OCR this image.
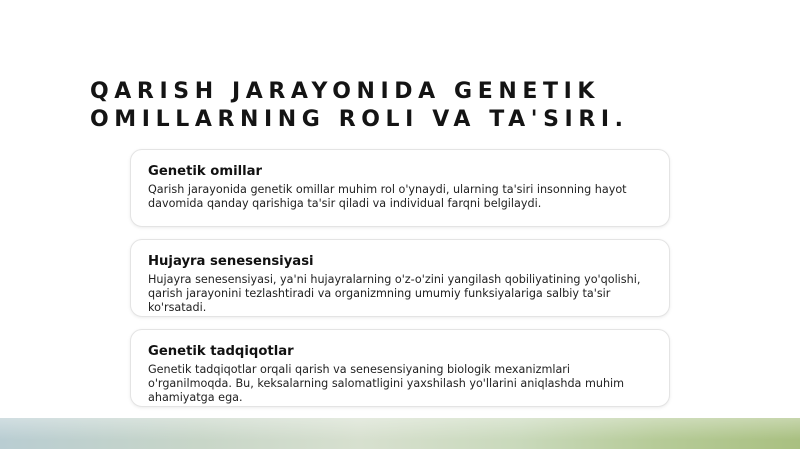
QARISH JARAYONIDA GENETIK
OMILLARNING ROLI VA TA'SIRI.
Genetik omillar

Qarish jarayonida genetik omillar muhim rol o'ynaydi, ularning ta'siri insonning hayot davomida qanday qarishiga ta'sir qiladi va individual farqni belgilaydi.

Hujayra senesensiyasi

Hujayra senesensiyasi, ya'ni hujayralarning o'z-o'zini yangilash qobiliyatining yo'qolishi, qarish jarayonini tezlashtiradi va organizmning umumiy funksiyalariga salbiy ta'sir ko'rsatadi.

Genetik tadqiqotlar

Genetik tadqiqotlar orqali qarish va senesensiyaning biologik mexanizmlari o'rganilmoqda. Bu, keksalarning salomatligini yaxshilash yo'llarini aniqlashda muhim ahamiyatga ega.
